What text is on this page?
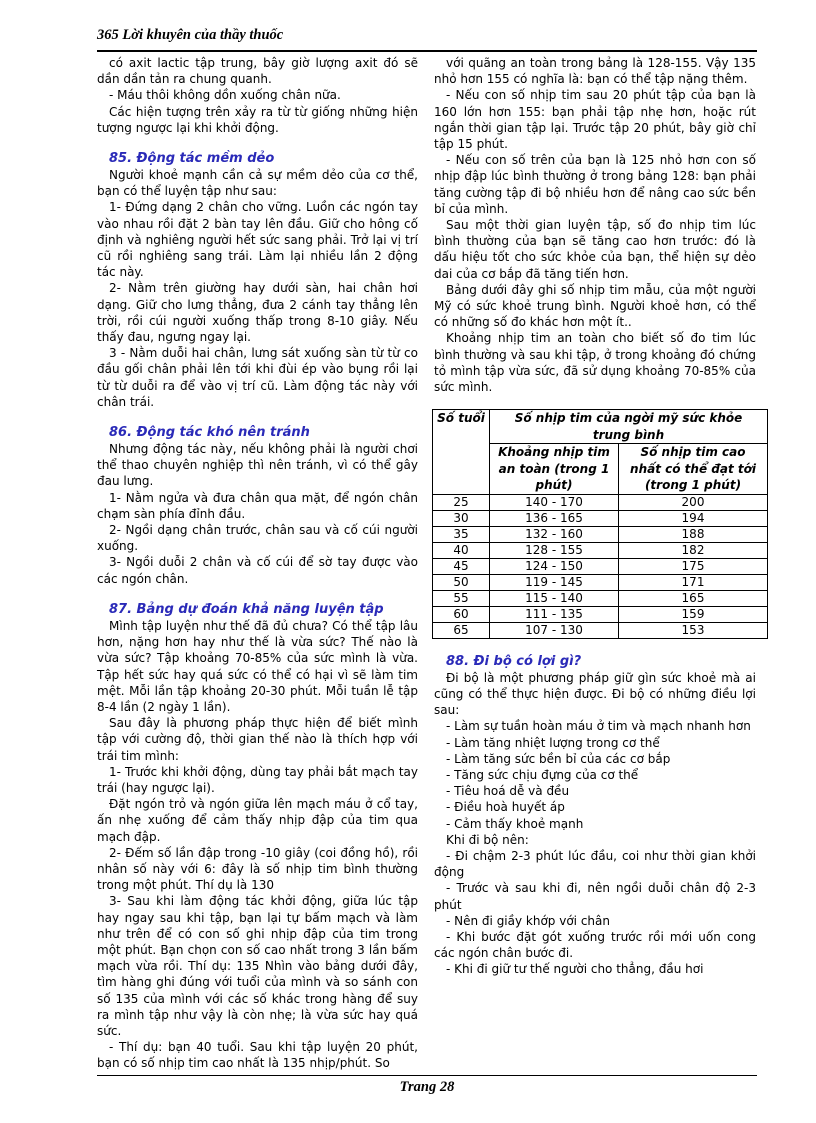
365 Lời khuyên của thầy thuốc

có axit lactic tập trung, bây giờ lượng axit đó sẽ dần dần tản ra chung quanh.

- Máu thôi không dồn xuống chân nữa.

Các hiện tượng trên xảy ra từ từ giống những hiện tượng ngược lại khi khởi động.

85. Động tác mềm dẻo

Người khoẻ mạnh cần cả sự mềm dẻo của cơ thể, bạn có thể luyện tập như sau:

1- Đứng dạng 2 chân cho vững. Luồn các ngón tay vào nhau rồi đặt 2 bàn tay lên đầu. Giữ cho hông cố định và nghiêng người hết sức sang phải. Trở lại vị trí cũ rồi nghiêng sang trái. Làm lại nhiều lần 2 động tác này.

2- Nằm trên giường hay dưới sàn, hai chân hơi dạng. Giữ cho lưng thẳng, đưa 2 cánh tay thẳng lên trời, rồi cúi người xuống thấp trong 8-10 giây. Nếu thấy đau, ngưng ngay lại.

3 - Nằm duỗi hai chân, lưng sát xuống sàn từ từ co đầu gối chân phải lên tới khi đùi ép vào bụng rồi lại từ từ duỗi ra để vào vị trí cũ. Làm động tác này với chân trái.

86. Động tác khó nên tránh

Nhưng động tác này, nếu không phải là người chơi thể thao chuyên nghiệp thì nên tránh, vì có thể gây đau lưng.

1- Nằm ngửa và đưa chân qua mặt, để ngón chân chạm sàn phía đỉnh đầu.

2- Ngồi dạng chân trước, chân sau và cố cúi người xuống.

3- Ngồi duỗi 2 chân và cố cúi để sờ tay được vào các ngón chân.

87. Bảng dự đoán khả năng luyện tập

Mình tập luyện như thế đã đủ chưa? Có thể tập lâu hơn, nặng hơn hay như thế là vừa sức? Thế nào là vừa sức? Tập khoảng 70-85% của sức mình là vừa. Tập hết sức hay quá sức có thể có hại vì sẽ làm tim mệt. Mỗi lần tập khoảng 20-30 phút. Mỗi tuần lễ tập 8-4 lần (2 ngày 1 lần).

Sau đây là phương pháp thực hiện để biết mình tập với cường độ, thời gian thế nào là thích hợp với trái tim mình:

1- Trước khi khởi động, dùng tay phải bắt mạch tay trái (hay ngược lại).

Đặt ngón trỏ và ngón giữa lên mạch máu ở cổ tay, ấn nhẹ xuống để cảm thấy nhịp đập của tim qua mạch đập.

2- Đếm số lần đập trong -10 giây (coi đồng hồ), rồi nhân số này với 6: đây là số nhịp tim bình thường trong một phút. Thí dụ là 130

3- Sau khi làm động tác khởi động, giữa lúc tập hay ngay sau khi tập, bạn lại tự bấm mạch và làm như trên để có con số ghi nhịp đập của tim trong một phút. Bạn chọn con số cao nhất trong 3 lần bấm mạch vừa rồi. Thí dụ: 135 Nhìn vào bảng dưới đây, tìm hàng ghi đúng với tuổi của mình và so sánh con số 135 của mình với các số khác trong hàng để suy ra mình tập như vậy là còn nhẹ; là vừa sức hay quá sức.

- Thí dụ: bạn 40 tuổi. Sau khi tập luyện 20 phút, bạn có số nhịp tim cao nhất là 135 nhịp/phút. So

với quãng an toàn trong bảng là 128-155. Vậy 135 nhỏ hơn 155 có nghĩa là: bạn có thể tập nặng thêm.

- Nếu con số nhịp tim sau 20 phút tập của bạn là 160 lớn hơn 155: bạn phải tập nhẹ hơn, hoặc rút ngắn thời gian tập lại. Trước tập 20 phút, bây giờ chỉ tập 15 phút.

- Nếu con số trên của bạn là 125 nhỏ hơn con số nhịp đập lúc bình thường ở trong bảng 128: bạn phải tăng cường tập đi bộ nhiều hơn để nâng cao sức bền bỉ của mình.

Sau một thời gian luyện tập, số đo nhịp tim lúc bình thường của bạn sẽ tăng cao hơn trước: đó là dấu hiệu tốt cho sức khỏe của bạn, thể hiện sự dẻo dai của cơ bắp đã tăng tiến hơn.

Bảng dưới đây ghi số nhịp tim mẫu, của một người Mỹ có sức khoẻ trung bình. Người khoẻ hơn, có thể có những số đo khác hơn một ít..

Khoảng nhịp tim an toàn cho biết số đo tim lúc bình thường và sau khi tập, ở trong khoảng đó chứng tỏ mình tập vừa sức, đã sử dụng khoảng 70-85% của sức mình.

Số tuổi	Số nhịp tim của ngời mỹ sức khỏe trung bình	
	Khoảng nhịp tim an toàn (trong 1 phút)	Số nhịp tim cao nhất có thể đạt tới (trong 1 phút)
25	140 - 170	200
30	136 - 165	194
35	132 - 160	188
40	128 - 155	182
45	124 - 150	175
50	119 - 145	171
55	115 - 140	165
60	111 - 135	159
65	107 - 130	153
88. Đi bộ có lợi gì?

Đi bộ là một phương pháp giữ gìn sức khoẻ mà ai cũng có thể thực hiện được. Đi bộ có những điều lợi sau:

- Làm sự tuần hoàn máu ở tim và mạch nhanh hơn

- Làm tăng nhiệt lượng trong cơ thể

- Làm tăng sức bền bỉ của các cơ bắp

- Tăng sức chịu đựng của cơ thể

- Tiêu hoá dễ và đều

- Điều hoà huyết áp

- Cảm thấy khoẻ mạnh

Khi đi bộ nên:

- Đi chậm 2-3 phút lúc đầu, coi như thời gian khởi động

- Trước và sau khi đi, nên ngồi duỗi chân độ 2-3 phút

- Nên đi giầy khớp với chân

- Khi bước đặt gót xuống trước rồi mới uốn cong các ngón chân bước đi.

- Khi đi giữ tư thế người cho thẳng, đầu hơi

Trang 28
